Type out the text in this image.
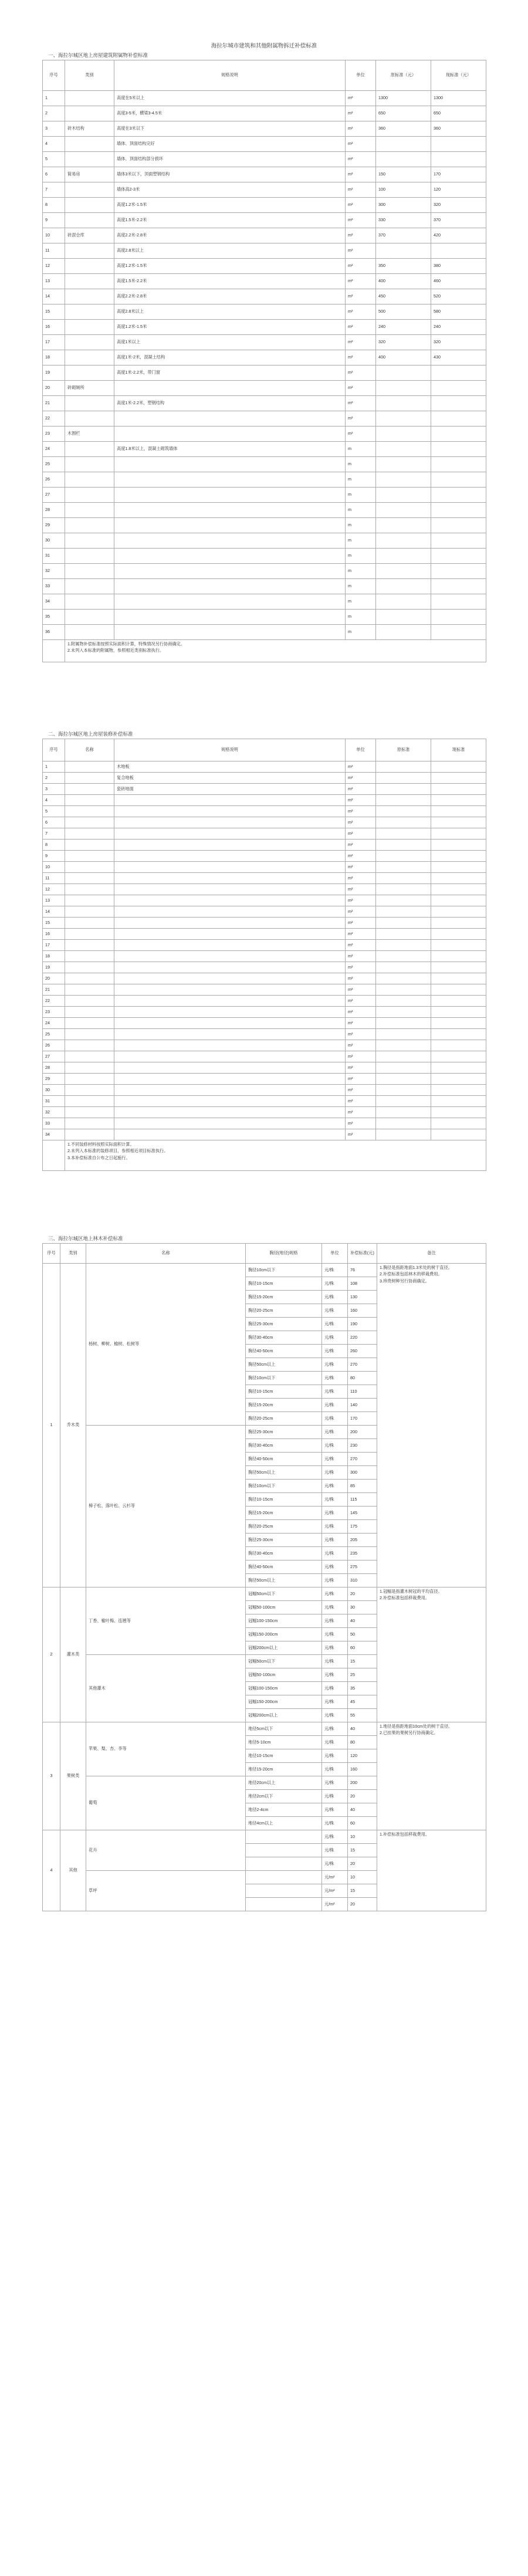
海拉尔城市建筑和其他附属物拆迁补偿标准
一、海拉尔城区地上房屋建筑附属物补偿标准
序号	类别	规格说明	单位	原标准（元）	现标准（元）
1		高度在5米以上	m²	1300	1300
2		高度3-5米，横梁3-4.5米	m²	650	650
3	砖木结构	高度在3米以下	m²	360	360
4		墙体、顶面结构完好	m²		
5		墙体、顶面结构部分损坏	m²		
6	简易房	墙体3米以下，顶面塑钢结构	m²	150	170
7		墙体高2-3米	m²	100	120
8		高度1.2米-1.5米	m²	300	320
9		高度1.5米-2.2米	m²	330	370
10	砖混仓库	高度2.2米-2.8米	m²	370	420
11		高度2.8米以上	m²		
12		高度1.2米-1.5米	m²	350	380
13		高度1.5米-2.2米	m²	400	460
14		高度2.2米-2.8米	m²	450	520
15		高度2.8米以上	m²	500	580
16		高度1.2米-1.5米	m²	240	240
17		高度1米以上	m²	320	320
18		高度1米-2米，混凝土结构	m²	400	430
19		高度1米-2.2米，带门窗	m²		
20	砖砌厕所		m²		
21		高度1米-2.2米，塑钢结构	m²		
22			m²		
23	木围栏		m²		
24		高度1.8米以上，混凝土砌筑墙体	m		
25			m		
26			m		
27			m		
28			m		
29			m		
30			m		
31			m		
32			m		
33			m		
34			m		
35			m		
36			m		

	1.附属物补偿标准按照实际面积计算，特殊情况另行协商确定。
2.未列入本标准的附属物，参照相近类别标准执行。				
二、海拉尔城区地上房屋装修补偿标准
序号	名称	规格说明	单位	原标准	现标准
1		木地板	m²		
2		复合地板	m²		
3		瓷砖地面	m²		
4			m²		
5			m²		
6			m²		
7			m²		
8			m²		
9			m²		
10			m²		
11			m²		
12			m²		
13			m²		
14			m²		
15			m²		
16			m²		
17			m²		
18			m²		
19			m²		
20			m²		
21			m²		
22			m²		
23			m²		
24			m²		
25			m²		
26			m²		
27			m²		
28			m²		
29			m²		
30			m²		
31			m²		
32			m²		
33			m²		
34			m²		

	1.不同装修材料按照实际面积计算。
2.未列入本标准的装修项目，参照相近项目标准执行。
3.本补偿标准自公布之日起施行。				
三、海拉尔城区地上林木补偿标准
序号	类别	名称	胸径(地径)规格	单位	补偿标准(元)	备注
1	乔木类	杨树、柳树、榆树、松树等	胸径10cm以下	元/株	76	1.胸径是指距地面1.3米处的树干直径。
2.补偿标准包括林木的移栽费用。
3.珍贵树种另行协商确定。

			胸径10-15cm	元/株	108	
			胸径15-20cm	元/株	130	
			胸径20-25cm	元/株	160	
			胸径25-30cm	元/株	190	
			胸径30-40cm	元/株	220	
			胸径40-50cm	元/株	260	
			胸径50cm以上	元/株	270	
			胸径10cm以下	元/株	80	
			胸径10-15cm	元/株	110	
			胸径15-20cm	元/株	140	
			胸径20-25cm	元/株	170	
		樟子松、落叶松、云杉等	胸径25-30cm	元/株	200	
			胸径30-40cm	元/株	230	
			胸径40-50cm	元/株	270	
			胸径50cm以上	元/株	300	
			胸径10cm以下	元/株	85	
			胸径10-15cm	元/株	115	
			胸径15-20cm	元/株	145	
			胸径20-25cm	元/株	175	
			胸径25-30cm	元/株	205	
			胸径30-40cm	元/株	235	
			胸径40-50cm	元/株	275	
			胸径50cm以上	元/株	310	
2	灌木类	丁香、榆叶梅、连翘等	冠幅50cm以下	元/株	20	1.冠幅是指灌木树冠的平均直径。
2.补偿标准包括移栽费用。

			冠幅50-100cm	元/株	30	
			冠幅100-150cm	元/株	40	
			冠幅150-200cm	元/株	50	
			冠幅200cm以上	元/株	60	
		其他灌木	冠幅50cm以下	元/株	15	
			冠幅50-100cm	元/株	25	
			冠幅100-150cm	元/株	35	
			冠幅150-200cm	元/株	45	
			冠幅200cm以上	元/株	55	
3	果树类	苹果、梨、杏、李等	地径5cm以下	元/株	40	1.地径是指距地面10cm处的树干直径。
2.已挂果的果树另行协商确定。

			地径5-10cm	元/株	80	
			地径10-15cm	元/株	120	
			地径15-20cm	元/株	160	
		葡萄	地径20cm以上	元/株	200	
			地径2cm以下	元/株	20	
			地径2-4cm	元/株	40	
			地径4cm以上	元/株	60	
4	其他	花卉		元/株	10	1.补偿标准包括移栽费用。

				元/株	15	
				元/株	20	
		草坪		元/m²	10	
				元/m²	15	
				元/m²	20	
